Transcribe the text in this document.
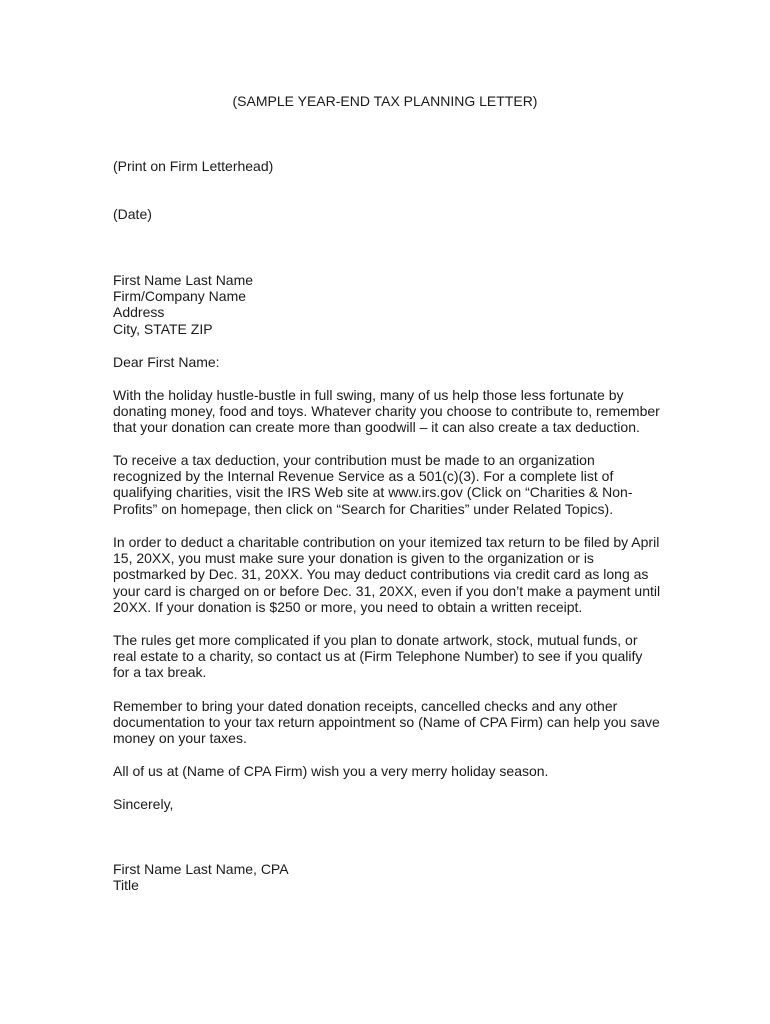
(SAMPLE YEAR-END TAX PLANNING LETTER)
(Print on Firm Letterhead)
(Date)
First Name Last Name
Firm/Company Name
Address
City, STATE ZIP
Dear First Name:
With the holiday hustle-bustle in full swing, many of us help those less fortunate by
donating money, food and toys. Whatever charity you choose to contribute to, remember
that your donation can create more than goodwill – it can also create a tax deduction.
To receive a tax deduction, your contribution must be made to an organization
recognized by the Internal Revenue Service as a 501(c)(3). For a complete list of
qualifying charities, visit the IRS Web site at www.irs.gov (Click on “Charities & Non-
Profits” on homepage, then click on “Search for Charities” under Related Topics).
In order to deduct a charitable contribution on your itemized tax return to be filed by April
15, 20XX, you must make sure your donation is given to the organization or is
postmarked by Dec. 31, 20XX. You may deduct contributions via credit card as long as
your card is charged on or before Dec. 31, 20XX, even if you don’t make a payment until
20XX. If your donation is $250 or more, you need to obtain a written receipt.
The rules get more complicated if you plan to donate artwork, stock, mutual funds, or
real estate to a charity, so contact us at (Firm Telephone Number) to see if you qualify
for a tax break.
Remember to bring your dated donation receipts, cancelled checks and any other
documentation to your tax return appointment so (Name of CPA Firm) can help you save
money on your taxes.
All of us at (Name of CPA Firm) wish you a very merry holiday season.
Sincerely,
First Name Last Name, CPA
Title
